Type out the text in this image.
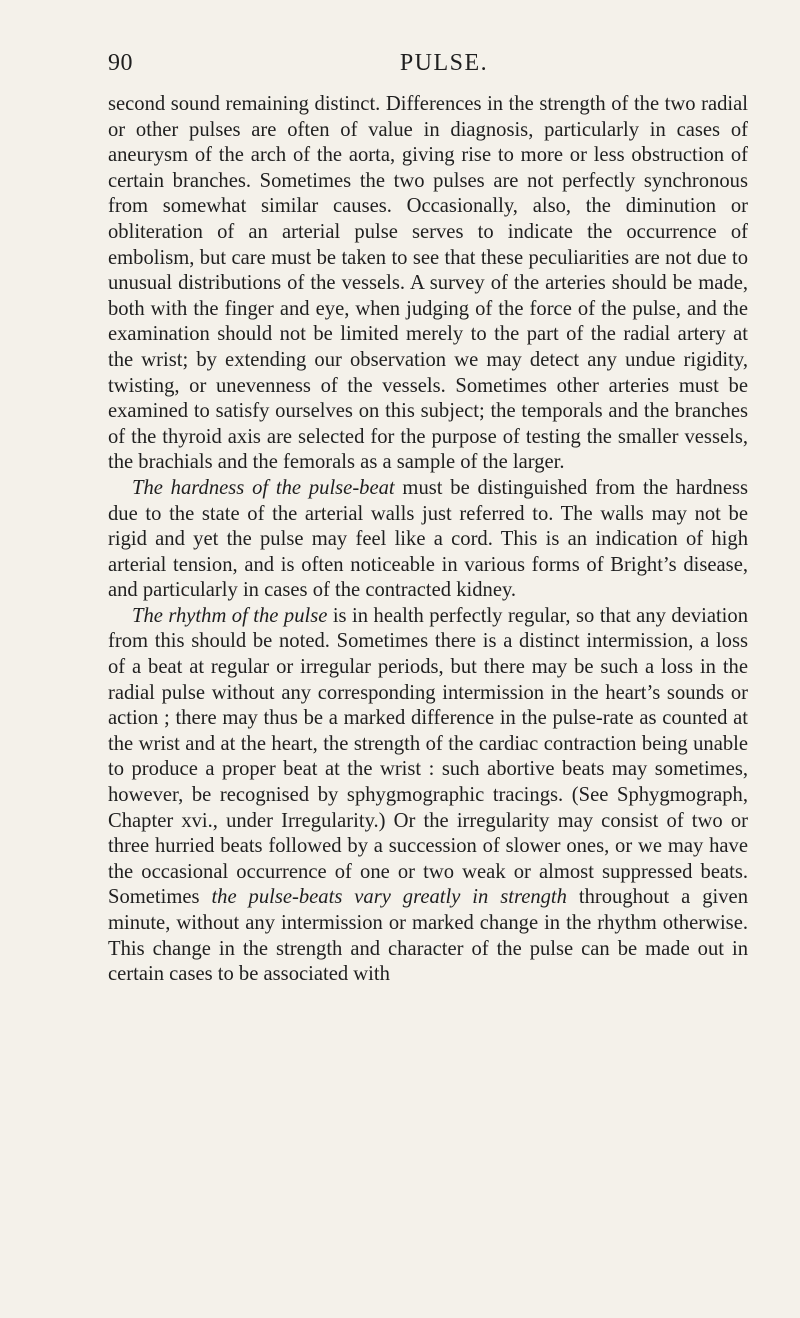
90	PULSE.

second sound remaining distinct. Differences in the strength of the two radial or other pulses are often of value in diagnosis, particularly in cases of aneurysm of the arch of the aorta, giving rise to more or less obstruction of certain branches. Sometimes the two pulses are not perfectly synchronous from somewhat similar causes. Occasionally, also, the diminution or obliteration of an arterial pulse serves to indicate the occurrence of embolism, but care must be taken to see that these peculiarities are not due to unusual distributions of the vessels. A survey of the arteries should be made, both with the finger and eye, when judging of the force of the pulse, and the examination should not be limited merely to the part of the radial artery at the wrist; by extending our observation we may detect any undue rigidity, twisting, or unevenness of the vessels. Sometimes other arteries must be examined to satisfy ourselves on this subject; the temporals and the branches of the thyroid axis are selected for the purpose of testing the smaller vessels, the brachials and the femorals as a sample of the larger.

The hardness of the pulse-beat must be distinguished from the hardness due to the state of the arterial walls just referred to. The walls may not be rigid and yet the pulse may feel like a cord. This is an indication of high arterial tension, and is often noticeable in various forms of Bright’s disease, and particularly in cases of the contracted kidney.

The rhythm of the pulse is in health perfectly regular, so that any deviation from this should be noted. Sometimes there is a distinct intermission, a loss of a beat at regular or irregular periods, but there may be such a loss in the radial pulse without any corresponding intermission in the heart’s sounds or action ; there may thus be a marked difference in the pulse-rate as counted at the wrist and at the heart, the strength of the cardiac contraction being unable to produce a proper beat at the wrist : such abortive beats may sometimes, however, be recognised by sphygmographic tracings. (See Sphygmograph, Chapter xvi., under Irregularity.) Or the irregularity may consist of two or three hurried beats followed by a succession of slower ones, or we may have the occasional occurrence of one or two weak or almost suppressed beats. Sometimes the pulse-beats vary greatly in strength throughout a given minute, without any intermission or marked change in the rhythm otherwise. This change in the strength and character of the pulse can be made out in certain cases to be associated with
